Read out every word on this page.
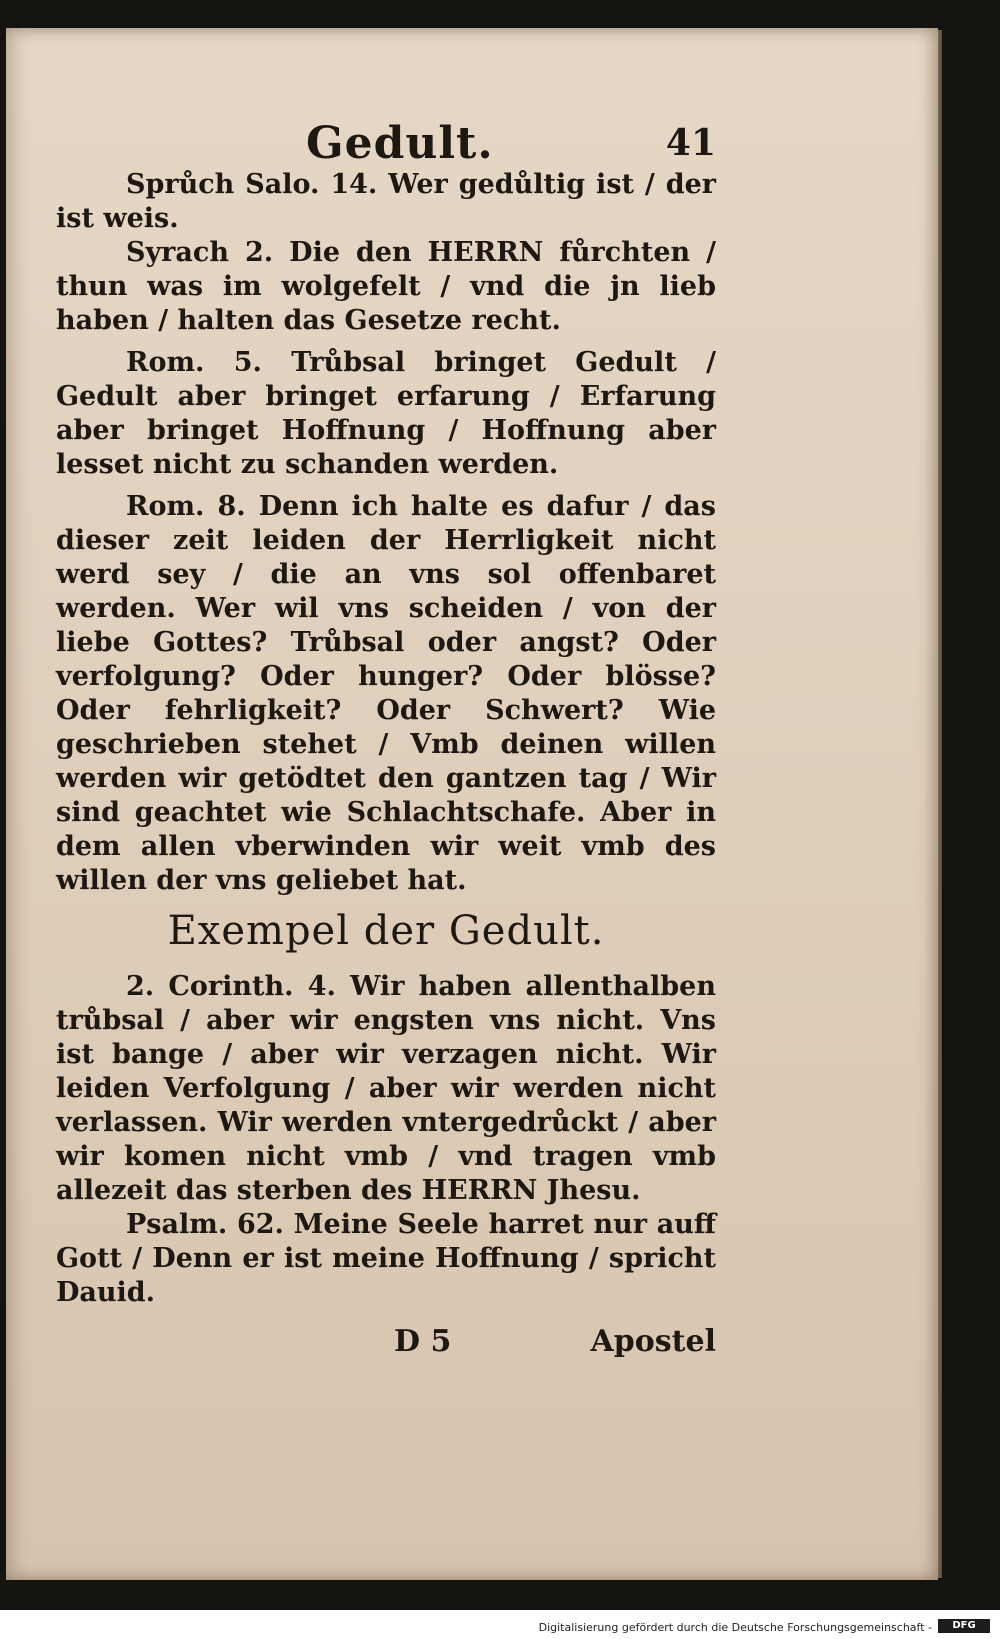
Gedult.	41

Sprůch Salo. 14. Wer gedůltig ist / der ist weis.

Syrach 2. Die den HERRN fůrchten / thun was im wolgefelt / vnd die jn lieb haben / halten das Gesetze recht.

Rom. 5. Trůbsal bringet Gedult / Gedult aber bringet erfarung / Erfarung aber bringet Hoffnung / Hoffnung aber lesset nicht zu schanden werden.

Rom. 8. Denn ich halte es dafur / das dieser zeit leiden der Herrligkeit nicht werd sey / die an vns sol offenbaret werden. Wer wil vns scheiden / von der liebe Gottes? Trůbsal oder angst? Oder verfolgung? Oder hunger? Oder blösse? Oder fehrligkeit? Oder Schwert? Wie geschrieben stehet / Vmb deinen willen werden wir getödtet den gantzen tag / Wir sind geachtet wie Schlachtschafe. Aber in dem allen vberwinden wir weit vmb des willen der vns geliebet hat.

Exempel der Gedult.

2. Corinth. 4. Wir haben allenthalben trůbsal / aber wir engsten vns nicht. Vns ist bange / aber wir verzagen nicht. Wir leiden Verfolgung / aber wir werden nicht verlassen. Wir werden vntergedrůckt / aber wir komen nicht vmb / vnd tragen vmb allezeit das sterben des HERRN Jhesu.

Psalm. 62. Meine Seele harret nur auff Gott / Denn er ist meine Hoffnung / spricht Dauid.

D 5	Apostel
Digitalisierung gefördert durch die Deutsche Forschungsgemeinschaft -	DFG
